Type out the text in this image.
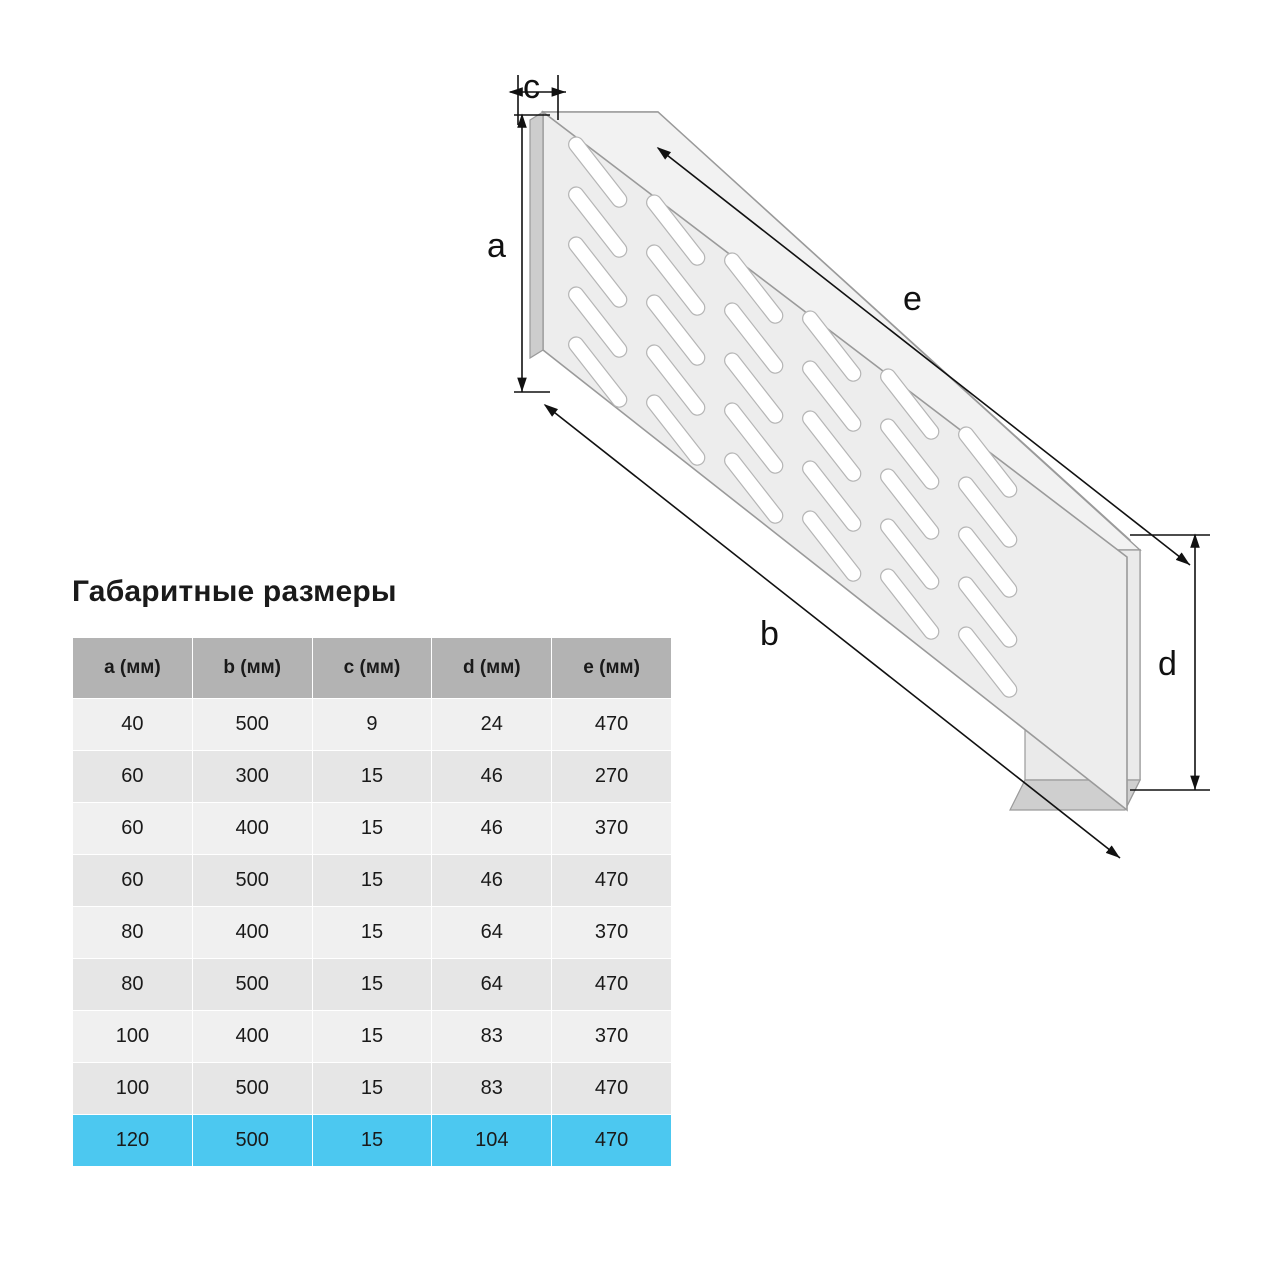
c
a
b
e
d
Габаритные размеры
a (мм)	b (мм)	c (мм)	d (мм)	e (мм)
40	500	9	24	470
60	300	15	46	270
60	400	15	46	370
60	500	15	46	470
80	400	15	64	370
80	500	15	64	470
100	400	15	83	370
100	500	15	83	470
120	500	15	104	470
